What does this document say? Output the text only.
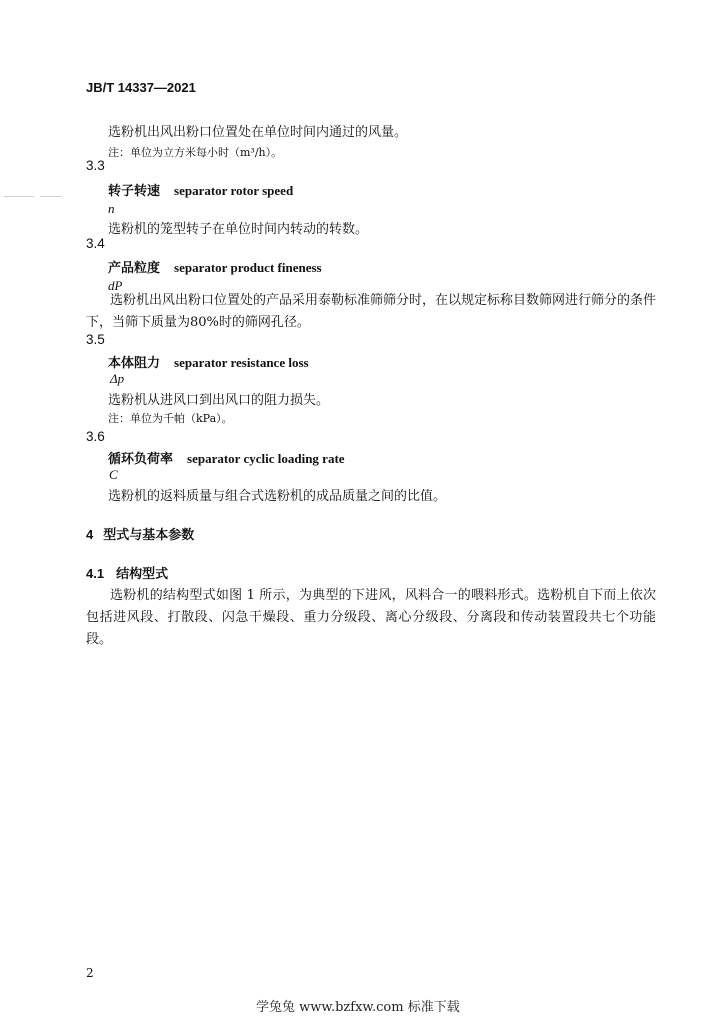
JB/T 14337—2021
选粉机出风出粉口位置处在单位时间内通过的风量。
注：单位为立方米每小时（m³/h）。
3.3
转子转速 separator rotor speed
n
选粉机的笼型转子在单位时间内转动的转数。
3.4
产品粒度 separator product fineness
dP
选粉机出风出粉口位置处的产品采用泰勒标准筛筛分时，在以规定标称目数筛网进行筛分的条件下，当筛下质量为80%时的筛网孔径。
3.5
本体阻力 separator resistance loss
Δp
选粉机从进风口到出风口的阻力损失。
注：单位为千帕（kPa）。
3.6
循环负荷率 separator cyclic loading rate
C
选粉机的返料质量与组合式选粉机的成品质量之间的比值。
4 型式与基本参数
4.1 结构型式
选粉机的结构型式如图 1 所示，为典型的下进风，风料合一的喂料形式。选粉机自下而上依次包括进风段、打散段、闪急干燥段、重力分级段、离心分级段、分离段和传动装置段共七个功能段。
2
学兔兔 www.bzfxw.com 标准下载
